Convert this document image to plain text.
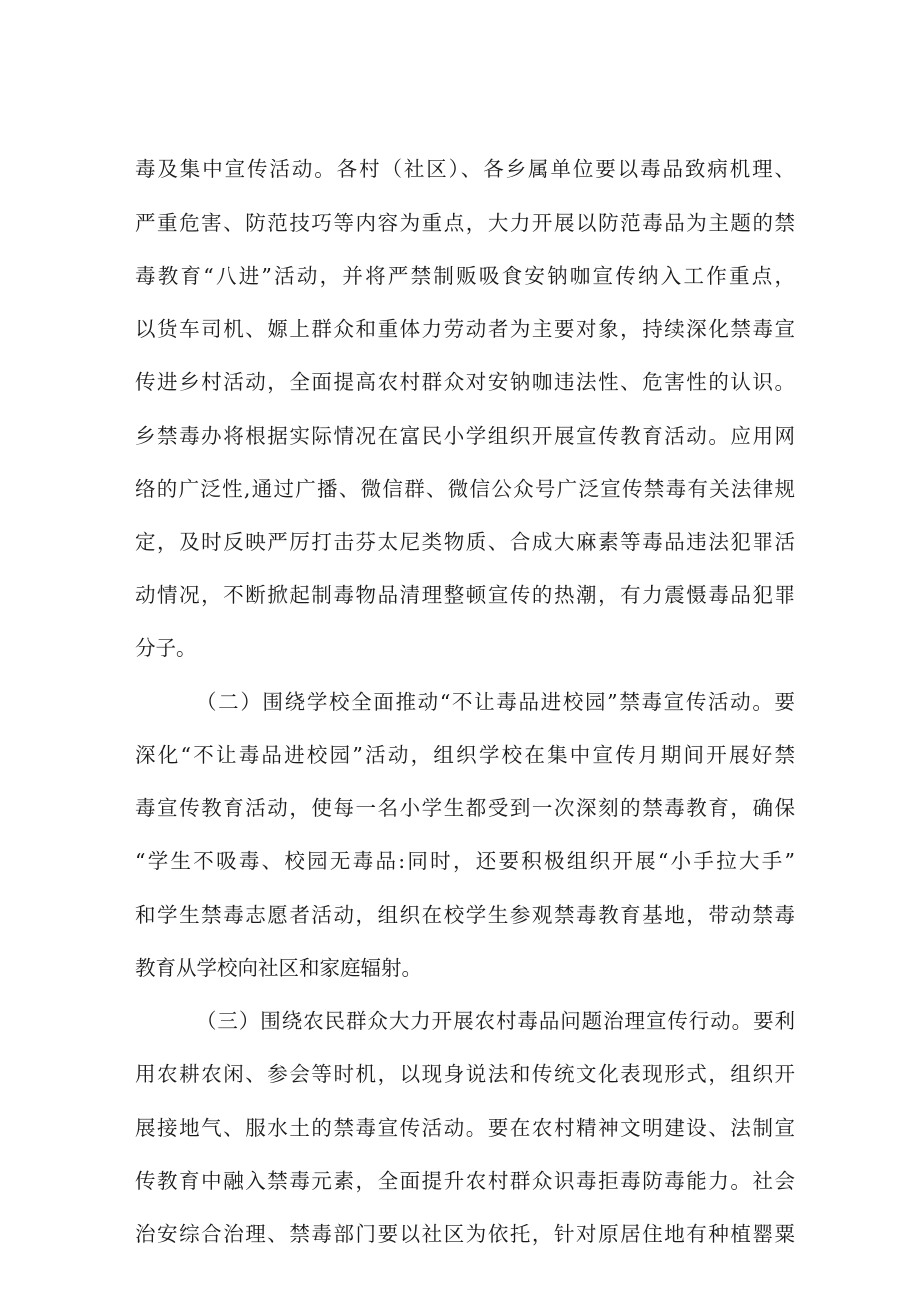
毒及集中宣传活动。各村（社区）、各乡属单位要以毒品致病机理、
严重危害、防范技巧等内容为重点，大力开展以防范毒品为主题的禁
毒教育“八进”活动，并将严禁制贩吸食安钠咖宣传纳入工作重点，
以货车司机、嫄上群众和重体力劳动者为主要对象，持续深化禁毒宣
传进乡村活动，全面提高农村群众对安钠咖违法性、危害性的认识。
乡禁毒办将根据实际情况在富民小学组织开展宣传教育活动。应用网
络的广泛性,通过广播、微信群、微信公众号广泛宣传禁毒有关法律规
定，及时反映严厉打击芬太尼类物质、合成大麻素等毒品违法犯罪活
动情况，不断掀起制毒物品清理整顿宣传的热潮，有力震慑毒品犯罪
分子。
（二）围绕学校全面推动“不让毒品进校园”禁毒宣传活动。要
深化“不让毒品进校园”活动，组织学校在集中宣传月期间开展好禁
毒宣传教育活动，使每一名小学生都受到一次深刻的禁毒教育，确保
“学生不吸毒、校园无毒品:同时，还要积极组织开展“小手拉大手”
和学生禁毒志愿者活动，组织在校学生参观禁毒教育基地，带动禁毒
教育从学校向社区和家庭辐射。
（三）围绕农民群众大力开展农村毒品问题治理宣传行动。要利
用农耕农闲、参会等时机，以现身说法和传统文化表现形式，组织开
展接地气、服水土的禁毒宣传活动。要在农村精神文明建设、法制宣
传教育中融入禁毒元素，全面提升农村群众识毒拒毒防毒能力。社会
治安综合治理、禁毒部门要以社区为依托，针对原居住地有种植罂粟
